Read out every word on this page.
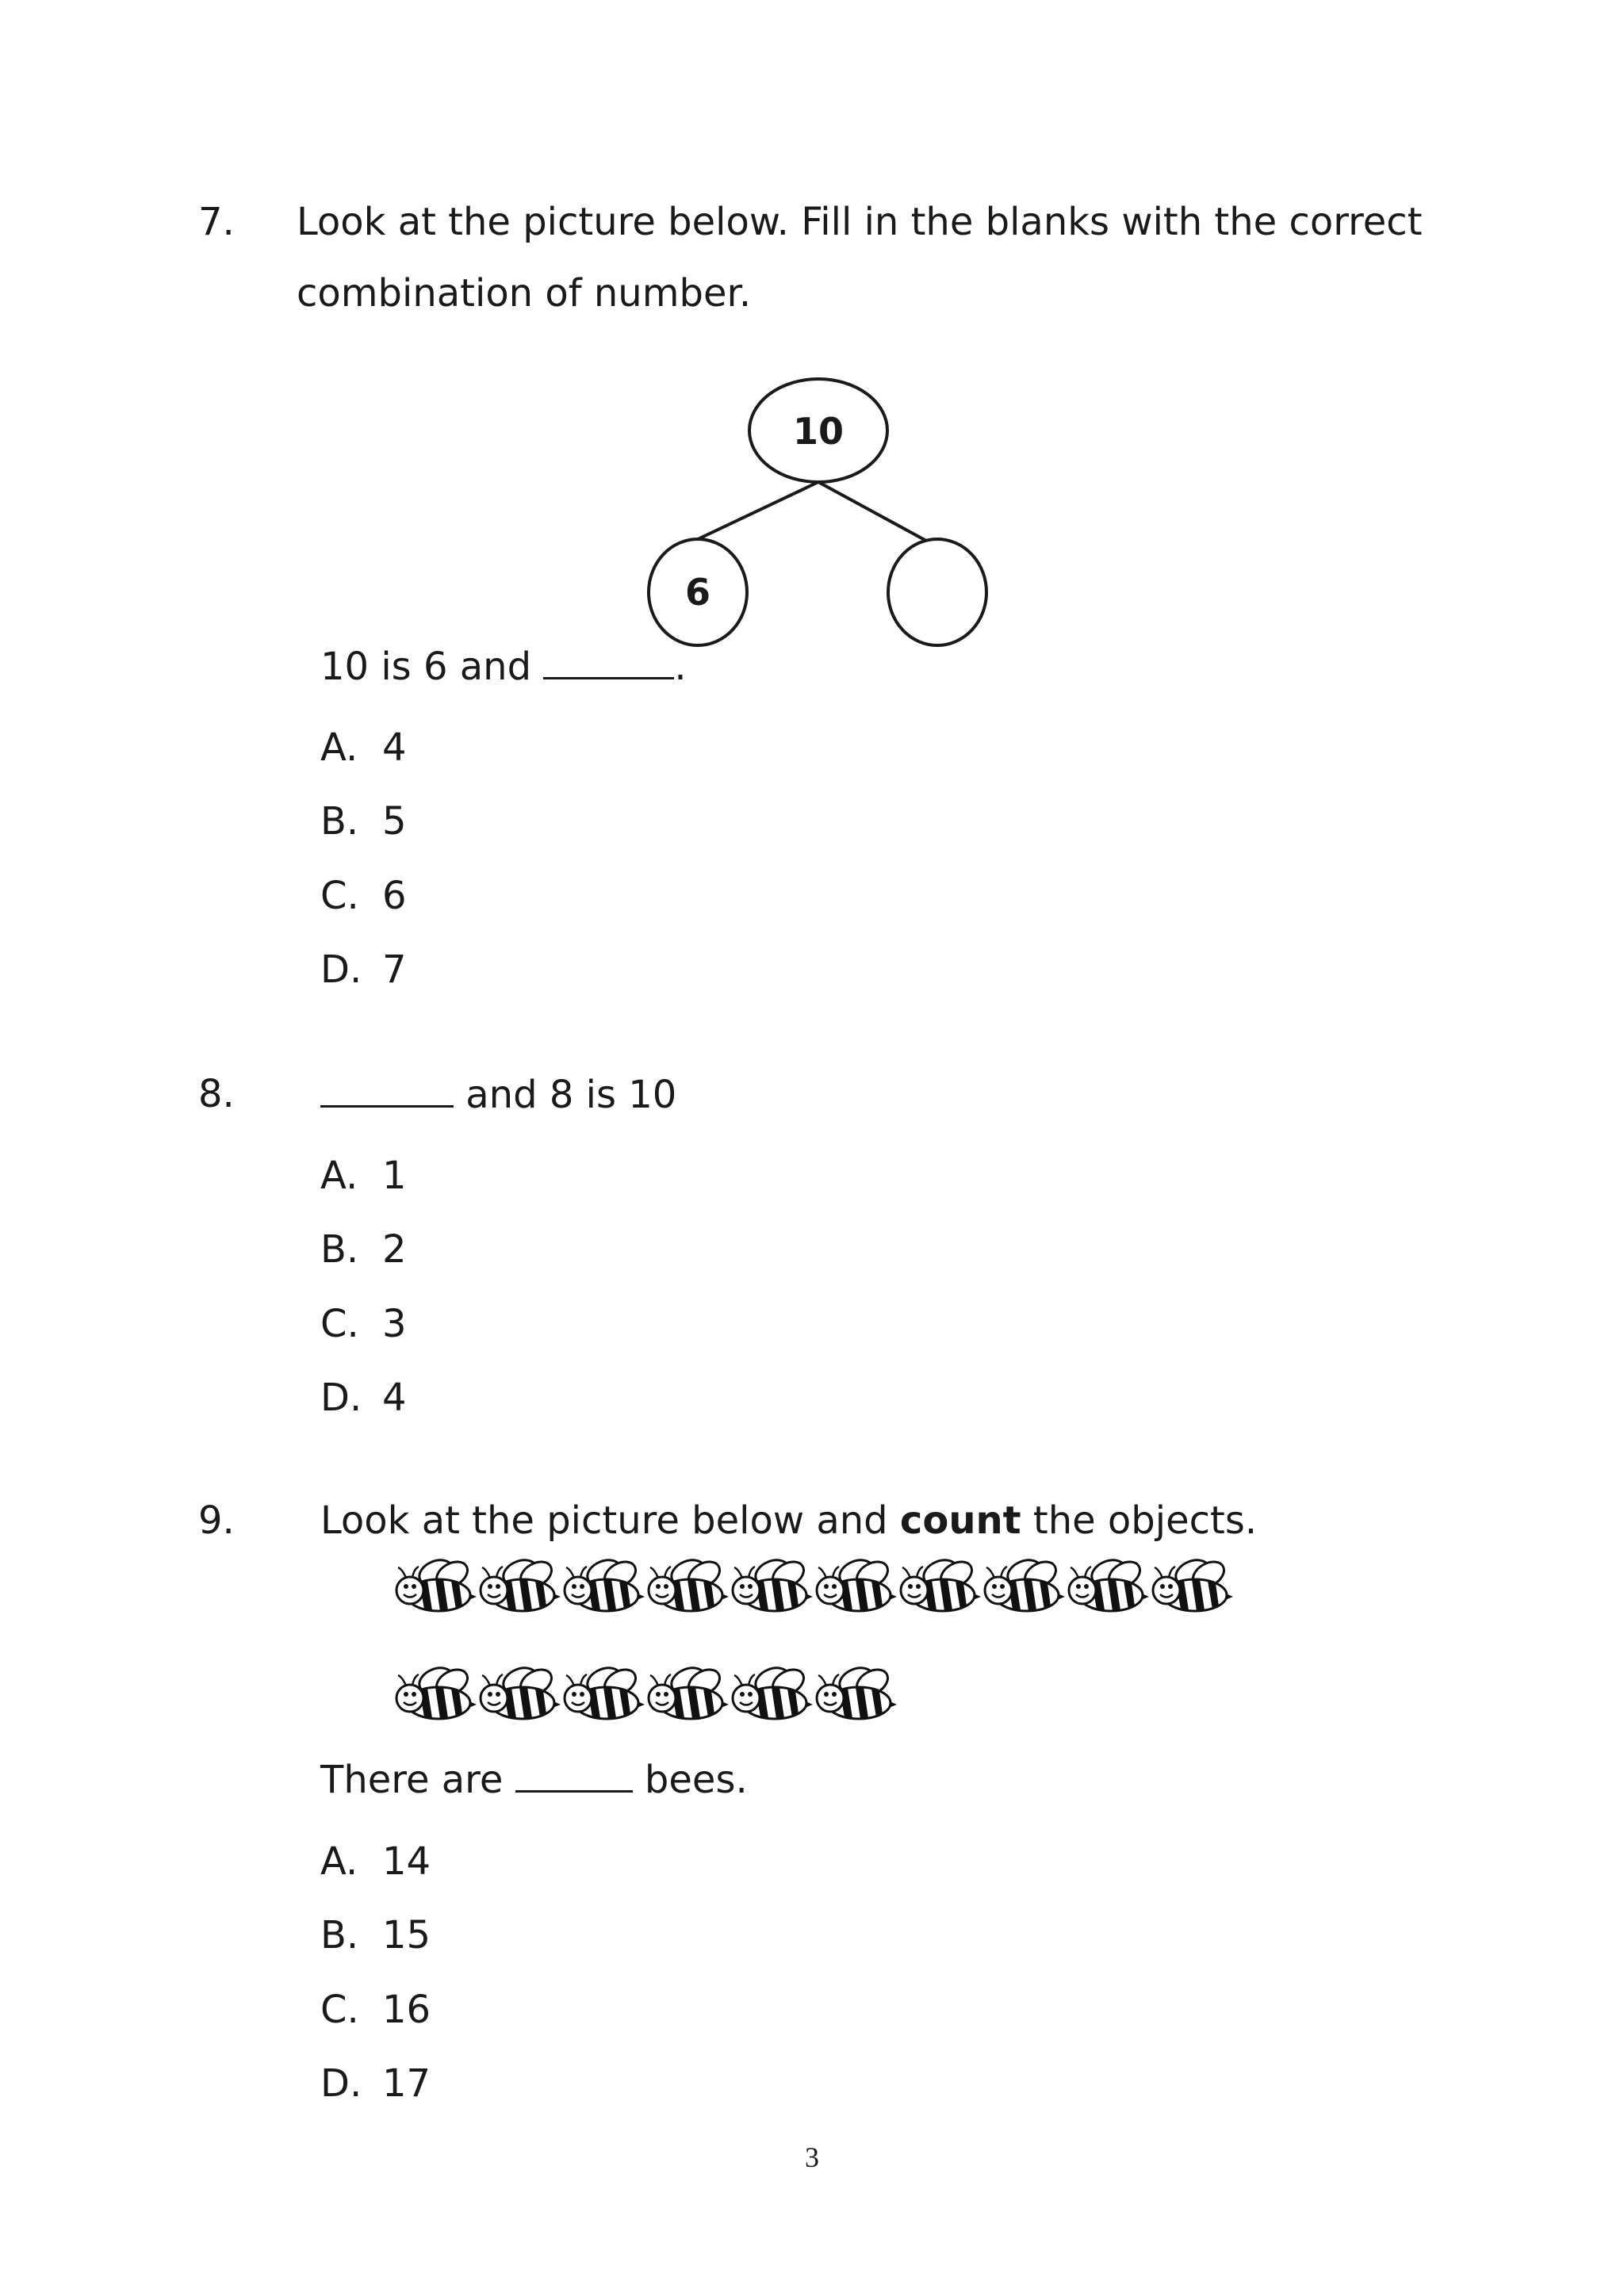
7. Look at the picture below. Fill in the blanks with the correct
combination of number.
10
6
10 is 6 and	.
A. 4
B. 5
C. 6
D. 7
8.	and 8 is 10
A. 1
B. 2
C. 3
D. 4
9. Look at the picture below and count the objects.
There are	bees.
A. 14
B. 15
C. 16
D. 17
3
